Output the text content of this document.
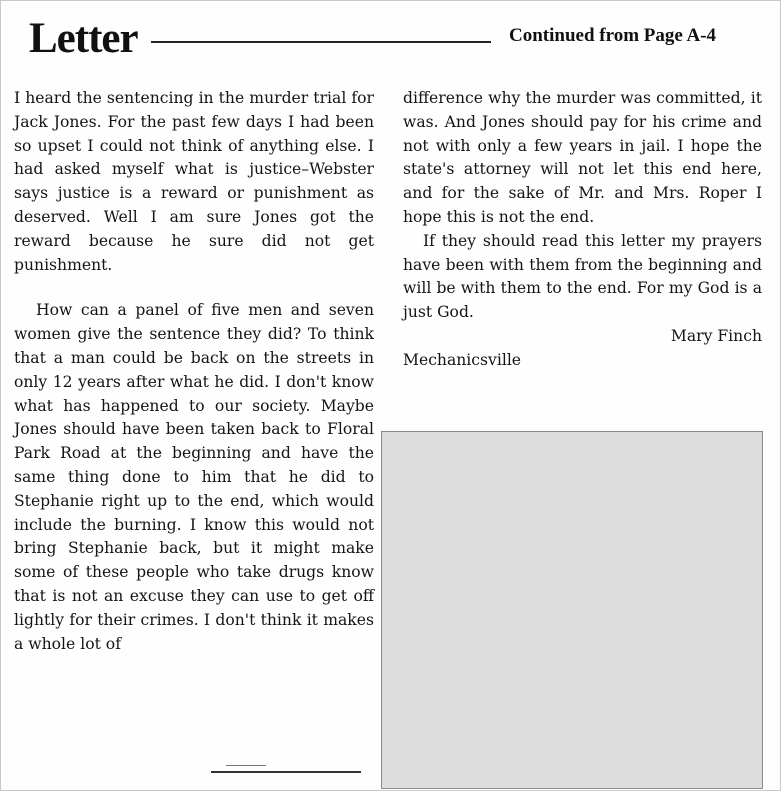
Letter	Continued from Page A-4

I heard the sentencing in the murder trial for Jack Jones. For the past few days I had been so upset I could not think of anything else. I had asked myself what is justice–Webster says justice is a reward or punishment as deserved. Well I am sure Jones got the reward because he sure did not get punishment.

How can a panel of five men and seven women give the sentence they did? To think that a man could be back on the streets in only 12 years after what he did. I don't know what has happened to our society. Maybe Jones should have been taken back to Floral Park Road at the beginning and have the same thing done to him that he did to Stephanie right up to the end, which would include the burning. I know this would not bring Stephanie back, but it might make some of these people who take drugs know that is not an excuse they can use to get off lightly for their crimes. I don't think it makes a whole lot of

difference why the murder was committed, it was. And Jones should pay for his crime and not with only a few years in jail. I hope the state's attorney will not let this end here, and for the sake of Mr. and Mrs. Roper I hope this is not the end.

If they should read this letter my prayers have been with them from the beginning and will be with them to the end. For my God is a just God.

Mary Finch

Mechanicsville
